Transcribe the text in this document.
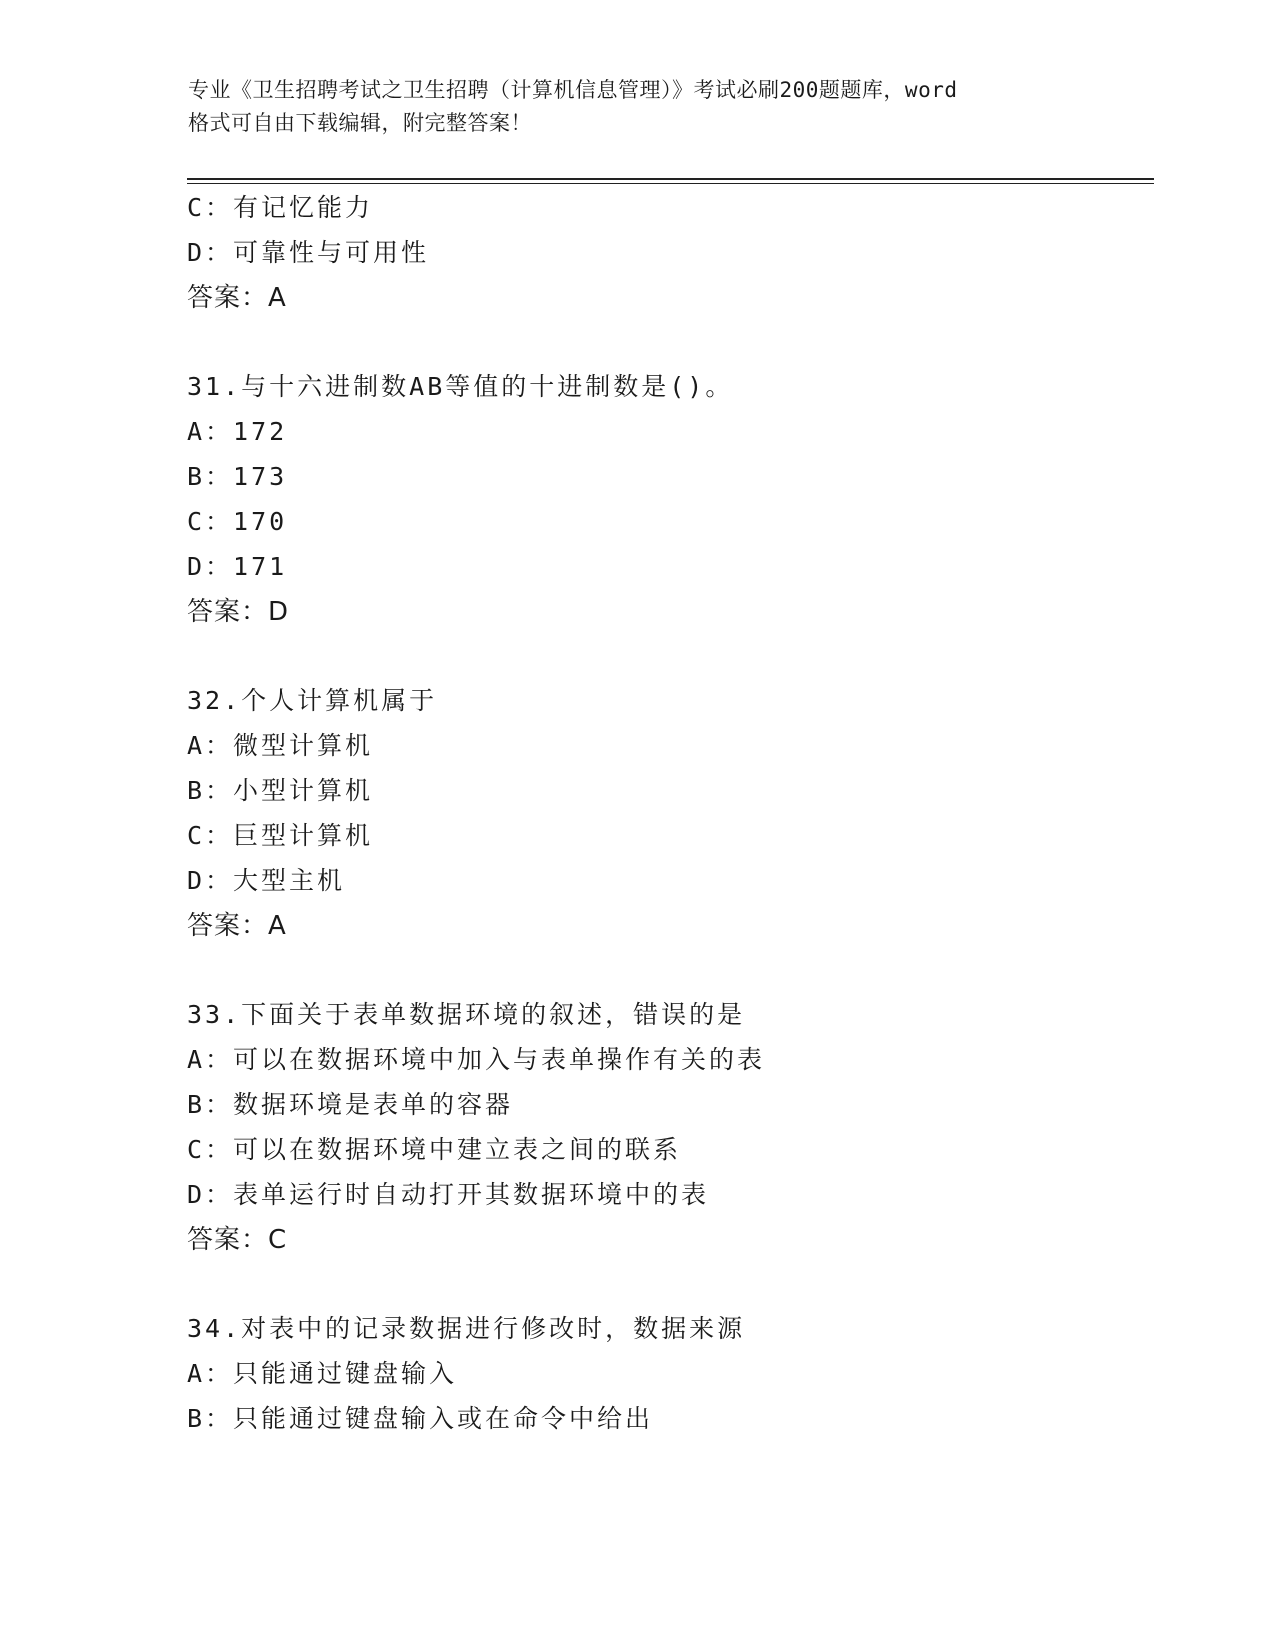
专业《卫生招聘考试之卫生招聘（计算机信息管理）》考试必刷200题题库，word
格式可自由下载编辑，附完整答案！
C：有记忆能力
D：可靠性与可用性
答案：A
31.与十六进制数AB等值的十进制数是()。
A：172
B：173
C：170
D：171
答案：D
32.个人计算机属于
A：微型计算机
B：小型计算机
C：巨型计算机
D：大型主机
答案：A
33.下面关于表单数据环境的叙述，错误的是
A：可以在数据环境中加入与表单操作有关的表
B：数据环境是表单的容器
C：可以在数据环境中建立表之间的联系
D：表单运行时自动打开其数据环境中的表
答案：C
34.对表中的记录数据进行修改时，数据来源
A：只能通过键盘输入
B：只能通过键盘输入或在命令中给出
